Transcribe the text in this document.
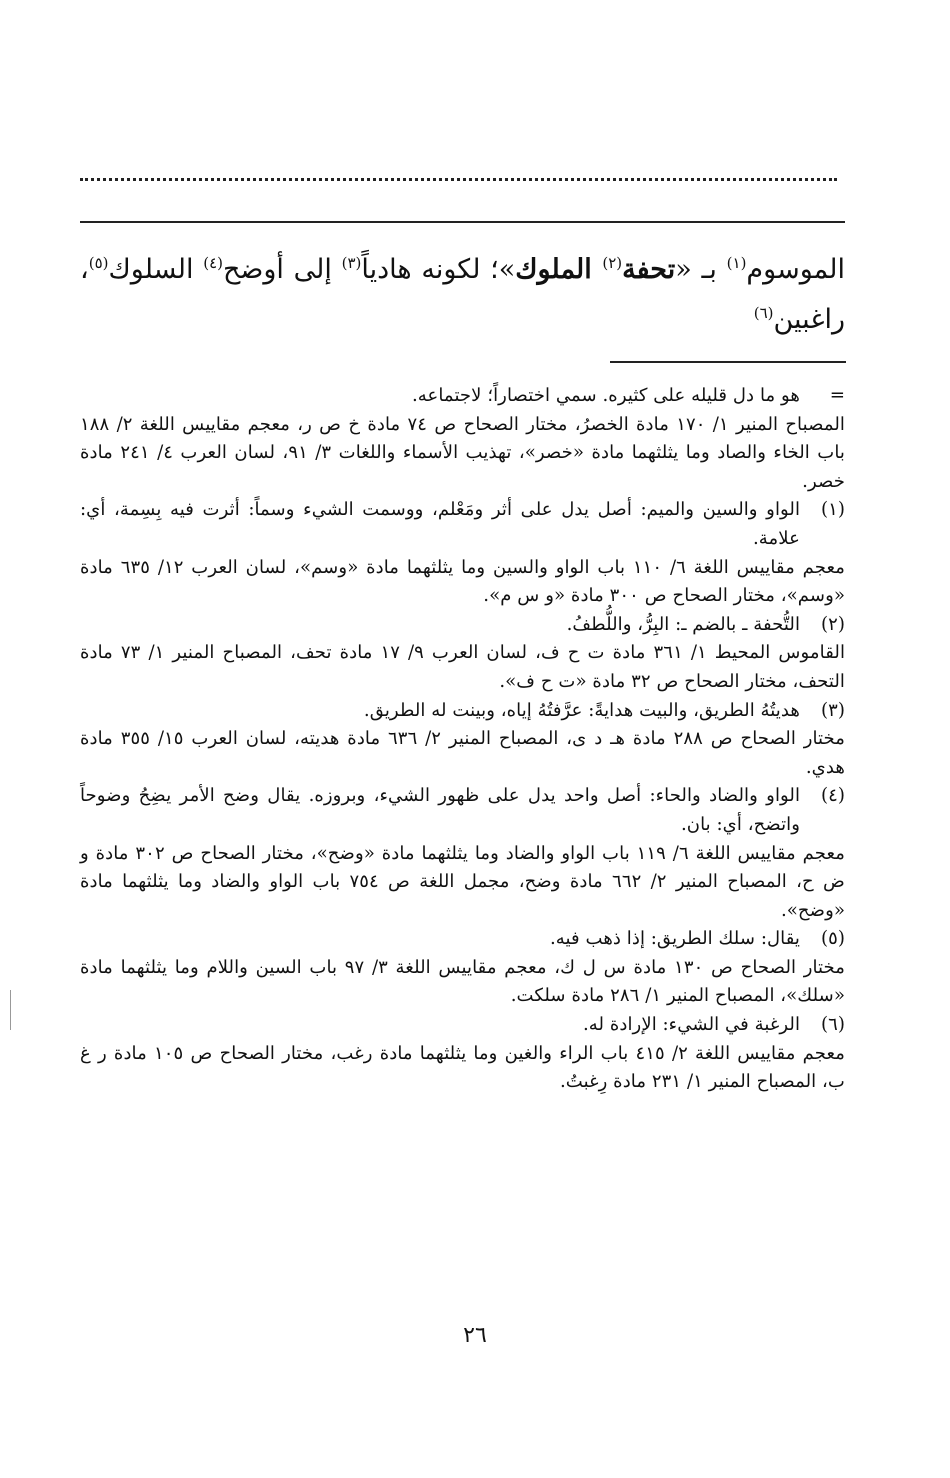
الموسوم$^{(١)}$ بـ «تحفة$^{(٢)}$ الملوك»؛ لكونه هادياً$^{(٣)}$ إلى أوضح$^{(٤)}$ السلوك$^{(٥)}$، راغبين$^{(٦)}$
=
هو ما دل قليله على كثيره. سمي اختصاراً؛ لاجتماعه.
المصباح المنير ١/ ١٧٠ مادة الخصرُ، مختار الصحاح ص ٧٤ مادة خ ص ر، معجم مقاييس اللغة ٢/ ١٨٨ باب الخاء والصاد وما يثلثهما مادة «خصر»، تهذيب الأسماء واللغات ٣/ ٩١، لسان العرب ٤/ ٢٤١ مادة خصر.
(١)
الواو والسين والميم: أصل يدل على أثر ومَعْلم، ووسمت الشيء وسماً: أثرت فيه بِسِمة، أي: علامة.
معجم مقاييس اللغة ٦/ ١١٠ باب الواو والسين وما يثلثهما مادة «وسم»، لسان العرب ١٢/ ٦٣٥ مادة «وسم»، مختار الصحاح ص ٣٠٠ مادة «و س م».
(٢)
التُّحفة ـ بالضم ـ: البِرُّ، واللُّطفُ.
القاموس المحيط ١/ ٣٦١ مادة ت ح ف، لسان العرب ٩/ ١٧ مادة تحف، المصباح المنير ١/ ٧٣ مادة التحف، مختار الصحاح ص ٣٢ مادة «ت ح ف».
(٣)
هديتُهُ الطريق، والبيت هدايةً: عرَّفتُهُ إياه، وبينت له الطريق.
مختار الصحاح ص ٢٨٨ مادة هـ د ى، المصباح المنير ٢/ ٦٣٦ مادة هديته، لسان العرب ١٥/ ٣٥٥ مادة هدي.
(٤)
الواو والضاد والحاء: أصل واحد يدل على ظهور الشيء، وبروزه. يقال وضح الأمر يضِحُ وضوحاً واتضح، أي: بان.
معجم مقاييس اللغة ٦/ ١١٩ باب الواو والضاد وما يثلثهما مادة «وضح»، مختار الصحاح ص ٣٠٢ مادة و ض ح، المصباح المنير ٢/ ٦٦٢ مادة وضح، مجمل اللغة ص ٧٥٤ باب الواو والضاد وما يثلثهما مادة «وضح».
(٥)
يقال: سلك الطريق: إذا ذهب فيه.
مختار الصحاح ص ١٣٠ مادة س ل ك، معجم مقاييس اللغة ٣/ ٩٧ باب السين واللام وما يثلثهما مادة «سلك»، المصباح المنير ١/ ٢٨٦ مادة سلكت.
(٦)
الرغبة في الشيء: الإرادة له.
معجم مقاييس اللغة ٢/ ٤١٥ باب الراء والغين وما يثلثهما مادة رغب، مختار الصحاح ص ١٠٥ مادة ر غ ب، المصباح المنير ١/ ٢٣١ مادة رِغبتُ.
٢٦
